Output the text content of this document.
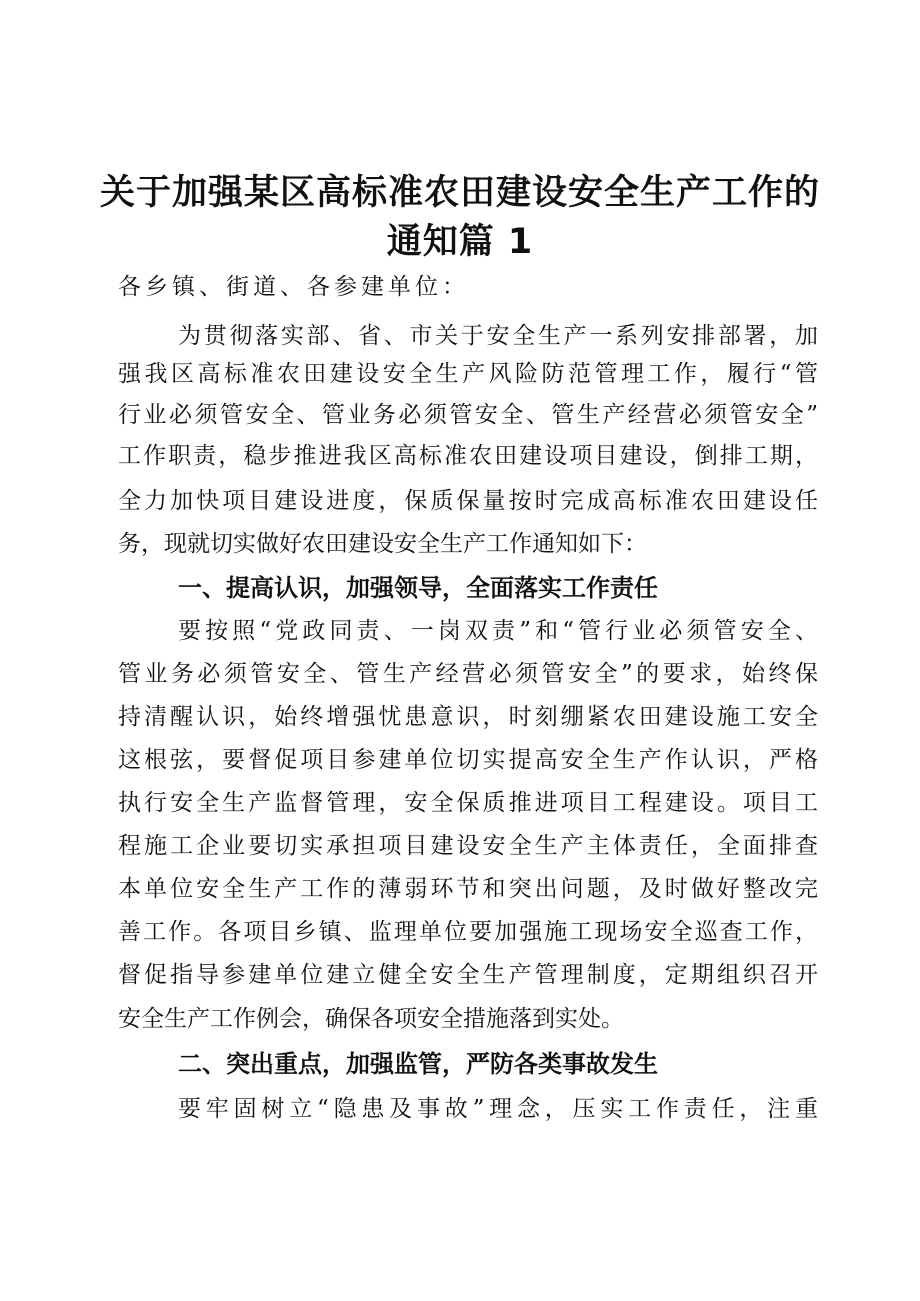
关于加强某区高标准农田建设安全生产工作的
通知篇 1

各乡镇、街道、各参建单位：

为贯彻落实部、省、市关于安全生产一系列安排部署，加

强我区高标准农田建设安全生产风险防范管理工作，履行“管

行业必须管安全、管业务必须管安全、管生产经营必须管安全”

工作职责，稳步推进我区高标准农田建设项目建设，倒排工期，

全力加快项目建设进度，保质保量按时完成高标准农田建设任

务，现就切实做好农田建设安全生产工作通知如下：

一、提高认识，加强领导，全面落实工作责任

要按照“党政同责、一岗双责”和“管行业必须管安全、

管业务必须管安全、管生产经营必须管安全”的要求，始终保

持清醒认识，始终增强忧患意识，时刻绷紧农田建设施工安全

这根弦，要督促项目参建单位切实提高安全生产作认识，严格

执行安全生产监督管理，安全保质推进项目工程建设。项目工

程施工企业要切实承担项目建设安全生产主体责任，全面排查

本单位安全生产工作的薄弱环节和突出问题，及时做好整改完

善工作。各项目乡镇、监理单位要加强施工现场安全巡查工作，

督促指导参建单位建立健全安全生产管理制度，定期组织召开

安全生产工作例会，确保各项安全措施落到实处。

二、突出重点，加强监管，严防各类事故发生

要牢固树立“隐患及事故”理念，压实工作责任，注重
